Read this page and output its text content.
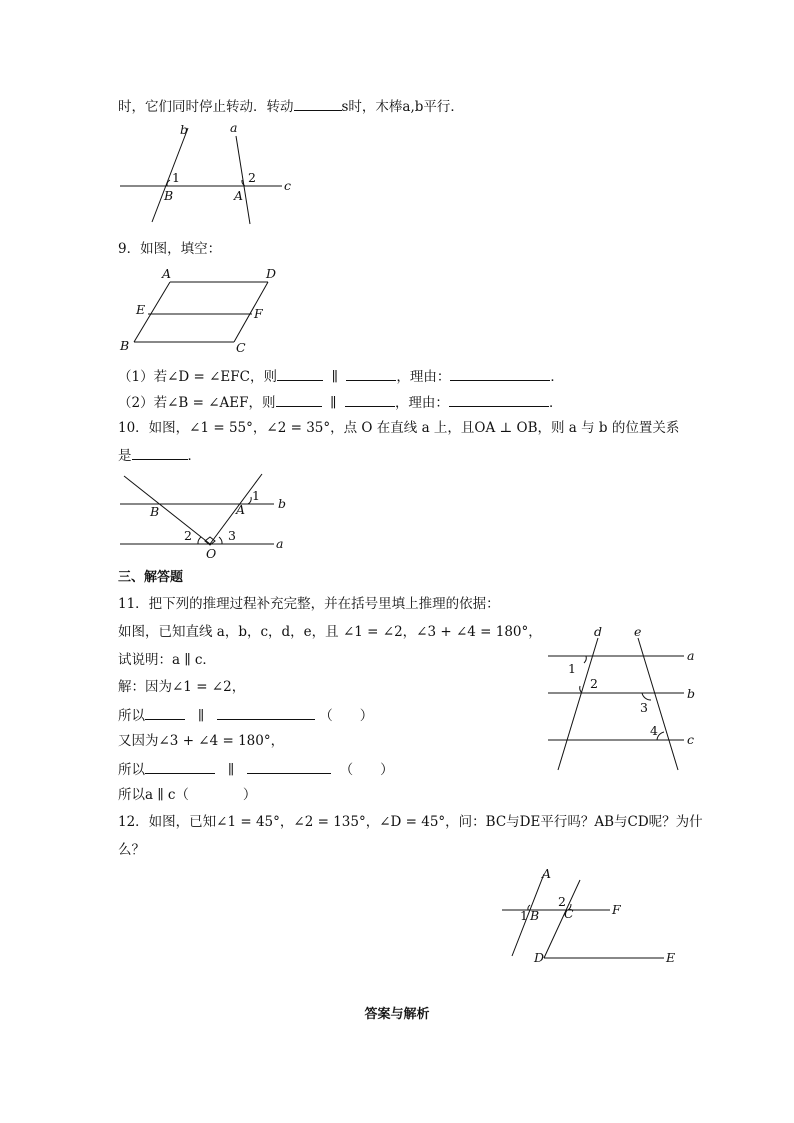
时，它们同时停止转动．转动	s时，木棒a,b平行．
b	a
1	2
c
B	A
9．如图，填空：
A	D
E	F
B	C
（1）若∠D = ∠EFC，则	∥	，理由：	．
（2）若∠B = ∠AEF，则	∥	，理由：	．
10．如图，∠1 = 55°，∠2 = 35°，点 O 在直线 a 上，且OA ⊥ OB，则 a 与 b 的位置关系
是	．
1
b
B	A
2	3
O
a
三、解答题
11．把下列的推理过程补充完整，并在括号里填上推理的依据：
如图，已知直线 a，b，c，d，e，且 ∠1 = ∠2，∠3 + ∠4 = 180°，
试说明：a ∥ c．
解：因为∠1 = ∠2，
所以	∥	（　　）
又因为∠3 + ∠4 = 180°，
所以	∥	（　　）
所以a ∥ c（　　　　）
d	e
a
b
c
1
2
3
4
12．如图，已知∠1 = 45°，∠2 = 135°，∠D = 45°，问：BC与DE平行吗？AB与CD呢？为什
么？
A
2
1 B C	F
D	E
答案与解析
